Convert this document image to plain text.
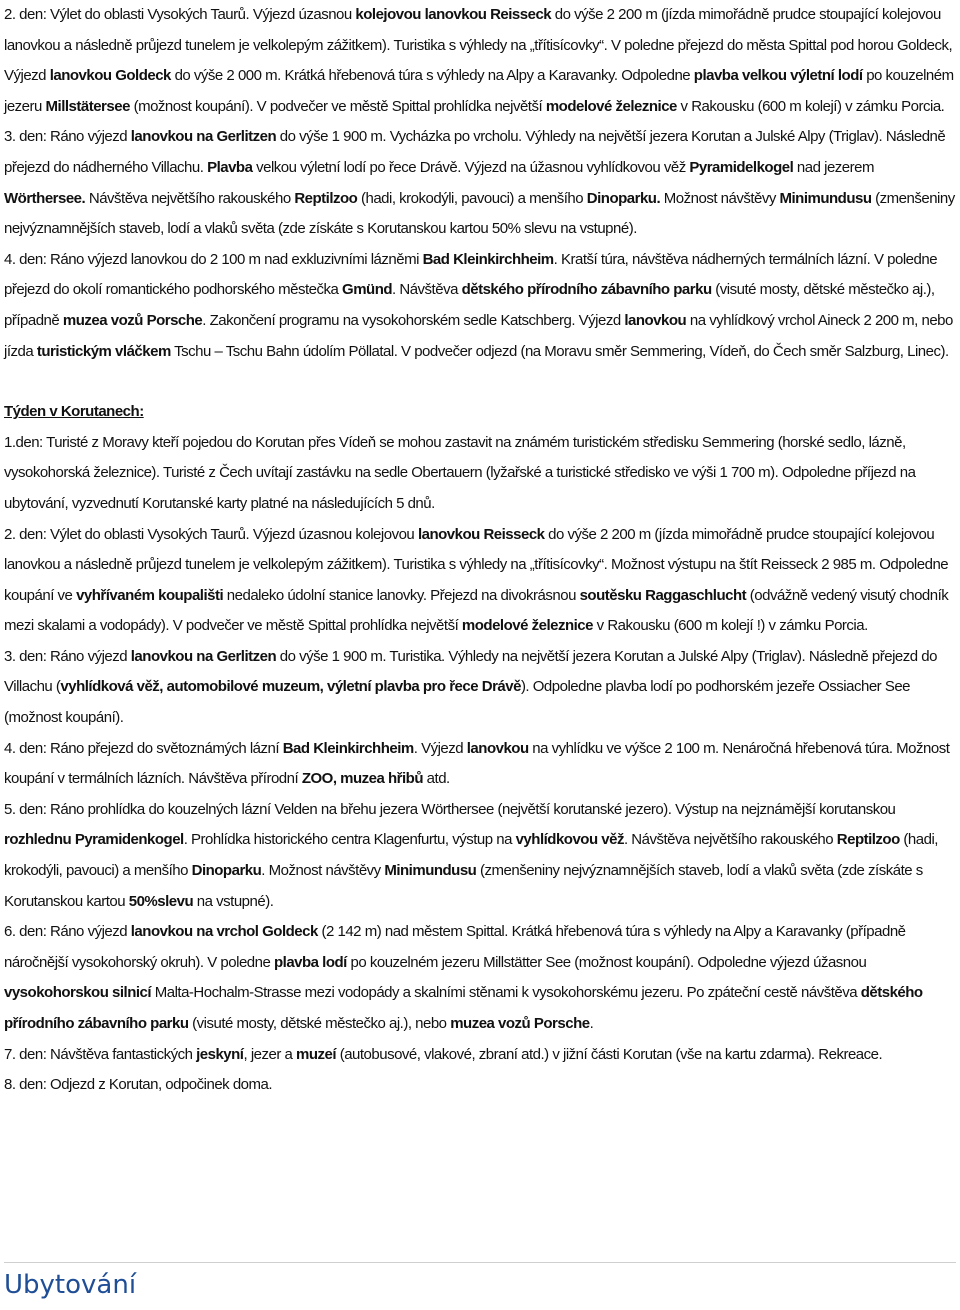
2. den: Výlet do oblasti Vysokých Taurů. Výjezd úzasnou kolejovou lanovkou Reisseck do výše 2 200 m (jízda mimořádně prudce stoupající kolejovou lanovkou a následně průjezd tunelem je velkolepým zážitkem). Turistika s výhledy na „třítisícovky“. V poledne přejezd do města Spittal pod horou Goldeck, Výjezd lanovkou Goldeck do výše 2 000 m. Krátká hřebenová túra s výhledy na Alpy a Karavanky. Odpoledne plavba velkou výletní lodí po kouzelném jezeru Millstätersee (možnost koupání). V podvečer ve městě Spittal prohlídka největší modelové železnice v Rakousku (600 m kolejí) v zámku Porcia.

3. den: Ráno výjezd lanovkou na Gerlitzen do výše 1 900 m. Vycházka po vrcholu. Výhledy na největší jezera Korutan a Julské Alpy (Triglav). Následně přejezd do nádherného Villachu. Plavba velkou výletní lodí po řece Drávě. Výjezd na úžasnou vyhlídkovou věž Pyramidelkogel nad jezerem Wörthersee. Návštěva největšího rakouského Reptilzoo (hadi, krokodýli, pavouci) a menšího Dinoparku. Možnost návštěvy Minimundusu (zmenšeniny nejvýznamnějších staveb, lodí a vlaků světa (zde získáte s Korutanskou kartou 50% slevu na vstupné).

4. den: Ráno výjezd lanovkou do 2 100 m nad exkluzivními lázněmi Bad Kleinkirchheim. Kratší túra, návštěva nádherných termálních lázní. V poledne přejezd do okolí romantického podhorského městečka Gmünd. Návštěva dětského přírodního zábavního parku (visuté mosty, dětské městečko aj.), případně muzea vozů Porsche. Zakončení programu na vysokohorském sedle Katschberg. Výjezd lanovkou na vyhlídkový vrchol Aineck 2 200 m, nebo jízda turistickým vláčkem Tschu – Tschu Bahn údolím Pöllatal. V podvečer odjezd (na Moravu směr Semmering, Vídeň, do Čech směr Salzburg, Linec).

Týden v Korutanech:

1.den: Turisté z Moravy kteří pojedou do Korutan přes Vídeň se mohou zastavit na známém turistickém středisku Semmering (horské sedlo, lázně, vysokohorská železnice). Turisté z Čech uvítají zastávku na sedle Obertauern (lyžařské a turistické středisko ve výši 1 700 m). Odpoledne příjezd na ubytování, vyzvednutí Korutanské karty platné na následujících 5 dnů.

2. den: Výlet do oblasti Vysokých Taurů. Výjezd úzasnou kolejovou lanovkou Reisseck do výše 2 200 m (jízda mimořádně prudce stoupající kolejovou lanovkou a následně průjezd tunelem je velkolepým zážitkem). Turistika s výhledy na „třítisícovky“. Možnost výstupu na štít Reisseck 2 985 m. Odpoledne koupání ve vyhřívaném koupališti nedaleko údolní stanice lanovky. Přejezd na divokrásnou soutěsku Raggaschlucht (odvážně vedený visutý chodník mezi skalami a vodopády). V podvečer ve městě Spittal prohlídka největší modelové železnice v Rakousku (600 m kolejí !) v zámku Porcia.

3. den: Ráno výjezd lanovkou na Gerlitzen do výše 1 900 m. Turistika. Výhledy na největší jezera Korutan a Julské Alpy (Triglav). Následně přejezd do Villachu (vyhlídková věž, automobilové muzeum, výletní plavba pro řece Drávě). Odpoledne plavba lodí po podhorském jezeře Ossiacher See (možnost koupání).

4. den: Ráno přejezd do světoznámých lázní Bad Kleinkirchheim. Výjezd lanovkou na vyhlídku ve výšce 2 100 m. Nenáročná hřebenová túra. Možnost koupání v termálních lázních. Návštěva přírodní ZOO, muzea hřibů atd.

5. den: Ráno prohlídka do kouzelných lázní Velden na břehu jezera Wörthersee (největší korutanské jezero). Výstup na nejznámější korutanskou rozhlednu Pyramidenkogel. Prohlídka historického centra Klagenfurtu, výstup na vyhlídkovou věž. Návštěva největšího rakouského Reptilzoo (hadi, krokodýli, pavouci) a menšího Dinoparku. Možnost návštěvy Minimundusu (zmenšeniny nejvýznamnějších staveb, lodí a vlaků světa (zde získáte s Korutanskou kartou 50%slevu na vstupné).

6. den: Ráno výjezd lanovkou na vrchol Goldeck (2 142 m) nad městem Spittal. Krátká hřebenová túra s výhledy na Alpy a Karavanky (případně náročnější vysokohorský okruh). V poledne plavba lodí po kouzelném jezeru Millstätter See (možnost koupání). Odpoledne výjezd úžasnou vysokohorskou silnicí Malta-Hochalm-Strasse mezi vodopády a skalními stěnami k vysokohorskému jezeru. Po zpáteční cestě návštěva dětského přírodního zábavního parku (visuté mosty, dětské městečko aj.), nebo muzea vozů Porsche.

7. den: Návštěva fantastických jeskyní, jezer a muzeí (autobusové, vlakové, zbraní atd.) v jižní části Korutan (vše na kartu zdarma). Rekreace.

8. den: Odjezd z Korutan, odpočinek doma.

Ubytování
